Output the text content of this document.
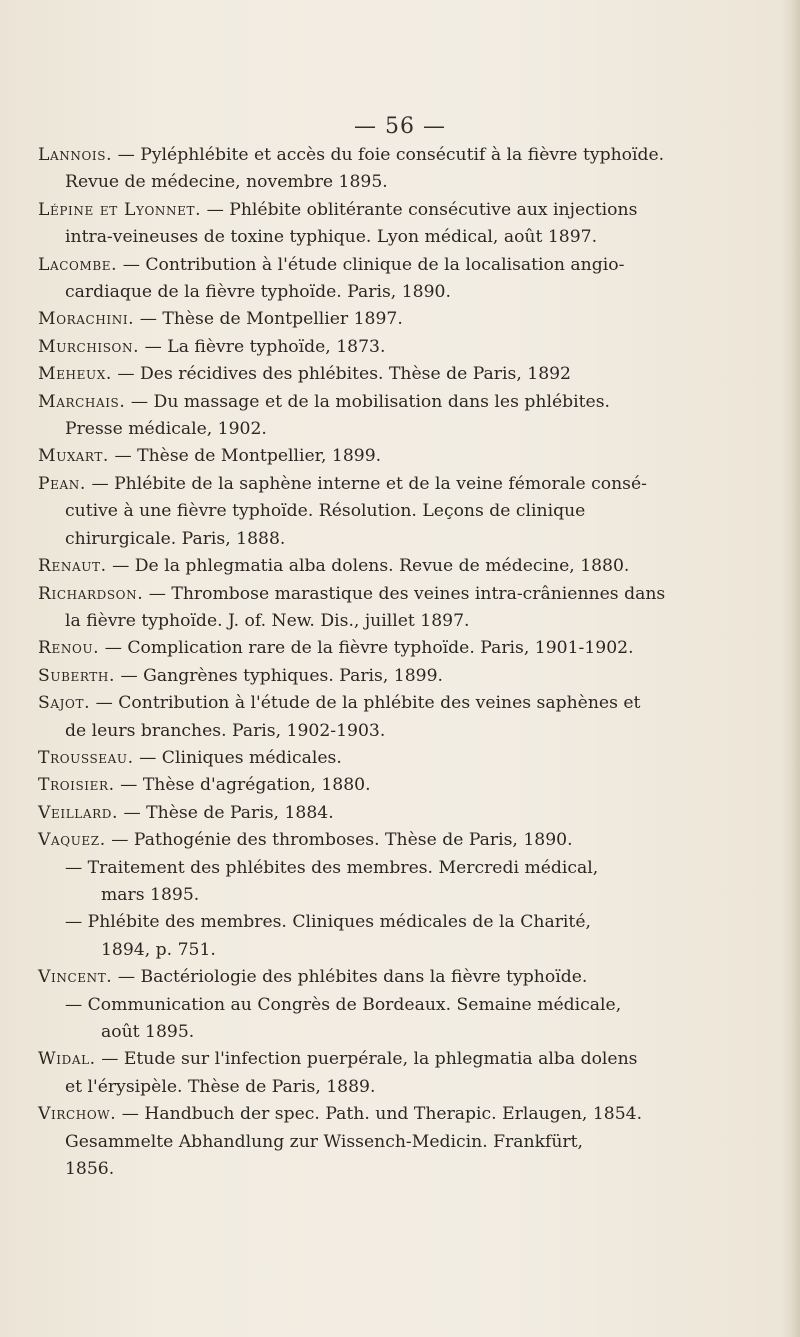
— 56 —
Lannois. — Pyléphlébite et accès du foie consécutif à la fièvre typhoïde.
Revue de médecine, novembre 1895.
Lépine et Lyonnet. — Phlébite oblitérante consécutive aux injections
intra-veineuses de toxine typhique. Lyon médical, août 1897.
Lacombe. — Contribution à l'étude clinique de la localisation angio-
cardiaque de la fièvre typhoïde. Paris, 1890.
Morachini. — Thèse de Montpellier 1897.
Murchison. — La fièvre typhoïde, 1873.
Meheux. — Des récidives des phlébites. Thèse de Paris, 1892
Marchais. — Du massage et de la mobilisation dans les phlébites.
Presse médicale, 1902.
Muxart. — Thèse de Montpellier, 1899.
Pean. — Phlébite de la saphène interne et de la veine fémorale consé-
cutive à une fièvre typhoïde. Résolution. Leçons de clinique
chirurgicale. Paris, 1888.
Renaut. — De la phlegmatia alba dolens. Revue de médecine, 1880.
Richardson. — Thrombose marastique des veines intra-crâniennes dans
la fièvre typhoïde. J. of. New. Dis., juillet 1897.
Renou. — Complication rare de la fièvre typhoïde. Paris, 1901-1902.
Suberth. — Gangrènes typhiques. Paris, 1899.
Sajot. — Contribution à l'étude de la phlébite des veines saphènes et
de leurs branches. Paris, 1902-1903.
Trousseau. — Cliniques médicales.
Troisier. — Thèse d'agrégation, 1880.
Veillard. — Thèse de Paris, 1884.
Vaquez. — Pathogénie des thromboses. Thèse de Paris, 1890.
— Traitement des phlébites des membres. Mercredi médical,
mars 1895.
— Phlébite des membres. Cliniques médicales de la Charité,
1894, p. 751.
Vincent. — Bactériologie des phlébites dans la fièvre typhoïde.
— Communication au Congrès de Bordeaux. Semaine médicale,
août 1895.
Widal. — Etude sur l'infection puerpérale, la phlegmatia alba dolens
et l'érysipèle. Thèse de Paris, 1889.
Virchow. — Handbuch der spec. Path. und Therapic. Erlaugen, 1854.
Gesammelte Abhandlung zur Wissench-Medicin. Frankfürt,
1856.
